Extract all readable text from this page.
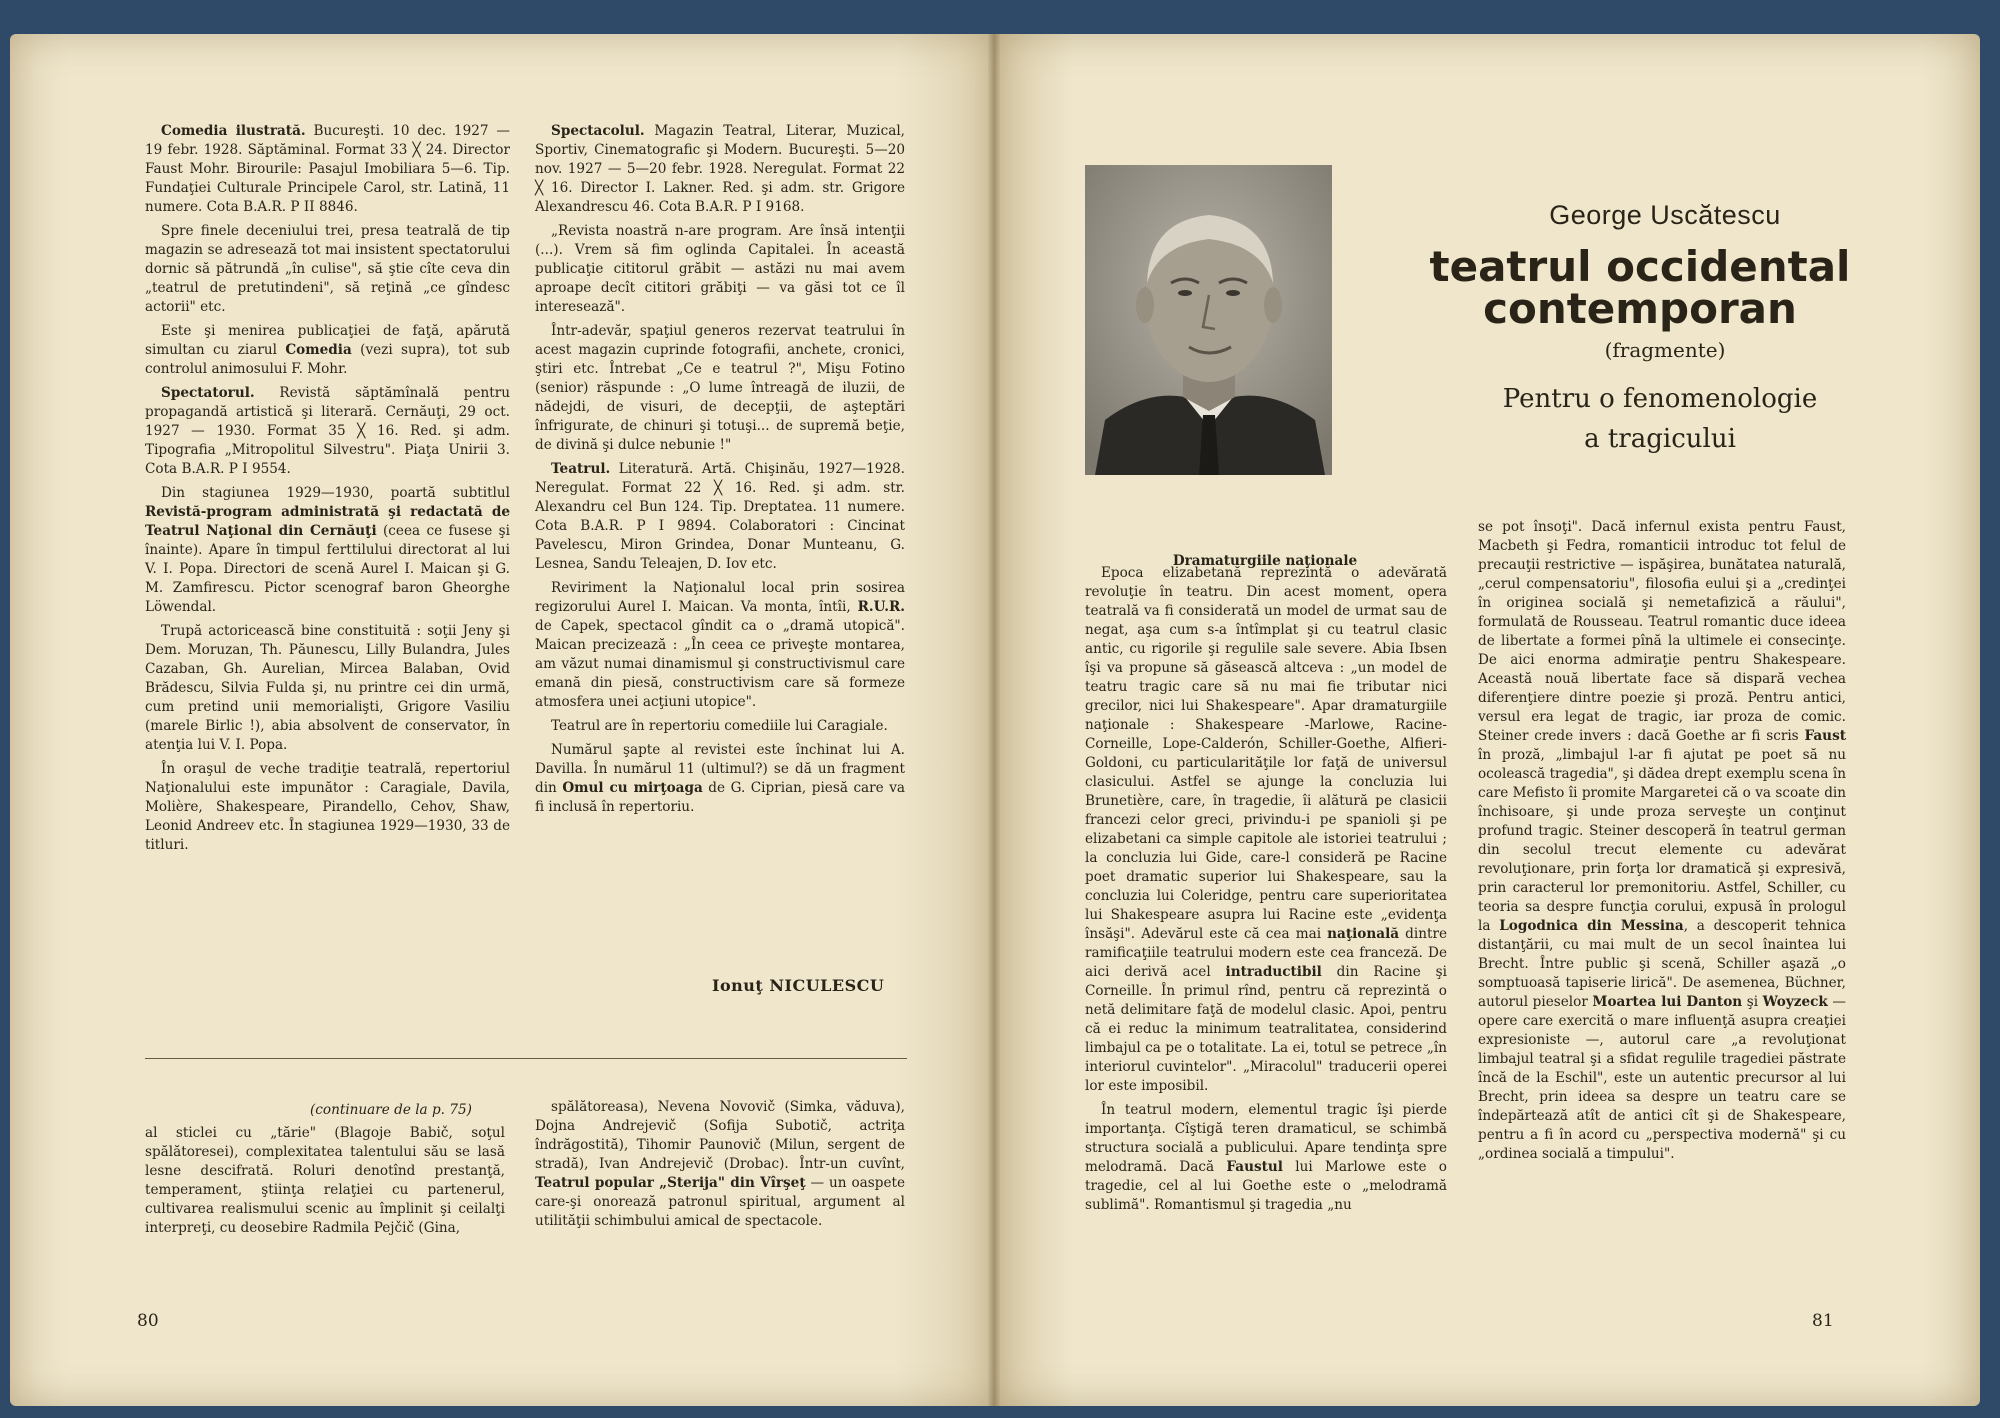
Comedia ilustrată. Bucureşti. 10 dec. 1927 — 19 febr. 1928. Săptăminal. Format 33 ╳ 24. Director Faust Mohr. Birourile: Pasajul Imobiliara 5—6. Tip. Fundaţiei Culturale Principele Carol, str. Latină, 11 numere. Cota B.A.R. P II 8846.

Spre finele deceniului trei, presa teatrală de tip magazin se adresează tot mai insistent spectatorului dornic să pătrundă „în culise", să ştie cîte ceva din „teatrul de pretutindeni", să reţină „ce gîndesc actorii" etc.

Este şi menirea publicaţiei de faţă, apărută simultan cu ziarul Comedia (vezi supra), tot sub controlul animosului F. Mohr.

Spectatorul. Revistă săptămînală pentru propagandă artistică şi literară. Cernăuţi, 29 oct. 1927 — 1930. Format 35 ╳ 16. Red. şi adm. Tipografia „Mitropolitul Silvestru". Piaţa Unirii 3. Cota B.A.R. P I 9554.

Din stagiunea 1929—1930, poartă subtitlul Revistă-program administrată şi redactată de Teatrul Naţional din Cernăuţi (ceea ce fusese şi înainte). Apare în timpul ferttilului directorat al lui V. I. Popa. Directori de scenă Aurel I. Maican şi G. M. Zamfirescu. Pictor scenograf baron Gheorghe Löwendal.

Trupă actoricească bine constituită : soţii Jeny şi Dem. Moruzan, Th. Păunescu, Lilly Bulandra, Jules Cazaban, Gh. Aurelian, Mircea Balaban, Ovid Brădescu, Silvia Fulda şi, nu printre cei din urmă, cum pretind unii memorialişti, Grigore Vasiliu (marele Birlic !), abia absolvent de conservator, în atenţia lui V. I. Popa.

În oraşul de veche tradiţie teatrală, repertoriul Naţionalului este impunător : Caragiale, Davila, Molière, Shakespeare, Pirandello, Cehov, Shaw, Leonid Andreev etc. În stagiunea 1929—1930, 33 de titluri.

Spectacolul. Magazin Teatral, Literar, Muzical, Sportiv, Cinematografic şi Modern. Bucureşti. 5—20 nov. 1927 — 5—20 febr. 1928. Neregulat. Format 22 ╳ 16. Director I. Lakner. Red. şi adm. str. Grigore Alexandrescu 46. Cota B.A.R. P I 9168.

„Revista noastră n-are program. Are însă intenţii (...). Vrem să fim oglinda Capitalei. În această publicaţie cititorul grăbit — astăzi nu mai avem aproape decît cititori grăbiţi — va găsi tot ce îl interesează".

Într-adevăr, spaţiul generos rezervat teatrului în acest magazin cuprinde fotografii, anchete, cronici, ştiri etc. Întrebat „Ce e teatrul ?", Mişu Fotino (senior) răspunde : „O lume întreagă de iluzii, de nădejdi, de visuri, de decepţii, de aşteptări înfrigurate, de chinuri şi totuşi... de supremă beţie, de divină şi dulce nebunie !"

Teatrul. Literatură. Artă. Chişinău, 1927—1928. Neregulat. Format 22 ╳ 16. Red. şi adm. str. Alexandru cel Bun 124. Tip. Dreptatea. 11 numere. Cota B.A.R. P I 9894. Colaboratori : Cincinat Pavelescu, Miron Grindea, Donar Munteanu, G. Lesnea, Sandu Teleajen, D. Iov etc.

Reviriment la Naţionalul local prin sosirea regizorului Aurel I. Maican. Va monta, întîi, R.U.R. de Capek, spectacol gîndit ca o „dramă utopică". Maican precizează : „În ceea ce priveşte montarea, am văzut numai dinamismul şi constructivismul care emană din piesă, constructivism care să formeze atmosfera unei acţiuni utopice".

Teatrul are în repertoriu comediile lui Caragiale.

Numărul şapte al revistei este închinat lui A. Davilla. În numărul 11 (ultimul?) se dă un fragment din Omul cu mirţoaga de G. Ciprian, piesă care va fi inclusă în repertoriu.

Ionuţ NICULESCU
(continuare de la p. 75)

al sticlei cu „tărie" (Blagoje Babič, soţul spălătoresei), complexitatea talentului său se lasă lesne descifrată. Roluri denotînd prestanţă, temperament, ştiinţa relaţiei cu partenerul, cultivarea realismului scenic au împlinit şi ceilalţi interpreţi, cu deosebire Radmila Pejčič (Gina,

spălătoreasa), Nevena Novovič (Simka, văduva), Dojna Andrejevič (Sofija Subotič, actriţa îndrăgostită), Tihomir Paunovič (Milun, sergent de stradă), Ivan Andrejevič (Drobac). Într-un cuvînt, Teatrul popular „Sterija" din Vîrşeţ — un oaspete care-şi onorează patronul spiritual, argument al utilităţii schimbului amical de spectacole.

80
George Uscătescu
teatrul occidental
contemporan
(fragmente)
Pentru o fenomenologie
a tragicului
Dramaturgiile naţionale

Epoca elizabetană reprezintă o adevărată revoluţie în teatru. Din acest moment, opera teatrală va fi considerată un model de urmat sau de negat, aşa cum s-a întîmplat şi cu teatrul clasic antic, cu rigorile şi regulile sale severe. Abia Ibsen îşi va propune să găsească altceva : „un model de teatru tragic care să nu mai fie tributar nici grecilor, nici lui Shakespeare". Apar dramaturgiile naţionale : Shakespeare -Marlowe, Racine-Corneille, Lope-Calderón, Schiller-Goethe, Alfieri-Goldoni, cu particularităţile lor faţă de universul clasicului. Astfel se ajunge la concluzia lui Brunetière, care, în tragedie, îi alătură pe clasicii francezi celor greci, privindu-i pe spanioli şi pe elizabetani ca simple capitole ale istoriei teatrului ; la concluzia lui Gide, care-l consideră pe Racine poet dramatic superior lui Shakespeare, sau la concluzia lui Coleridge, pentru care superioritatea lui Shakespeare asupra lui Racine este „evidenţa însăşi". Adevărul este că cea mai naţională dintre ramificaţiile teatrului modern este cea franceză. De aici derivă acel intraductibil din Racine şi Corneille. În primul rînd, pentru că reprezintă o netă delimitare faţă de modelul clasic. Apoi, pentru că ei reduc la minimum teatralitatea, considerind limbajul ca pe o totalitate. La ei, totul se petrece „în interiorul cuvintelor". „Miracolul" traducerii operei lor este imposibil.

În teatrul modern, elementul tragic îşi pierde importanţa. Cîştigă teren dramaticul, se schimbă structura socială a publicului. Apare tendinţa spre melodramă. Dacă Faustul lui Marlowe este o tragedie, cel al lui Goethe este o „melodramă sublimă". Romantismul şi tragedia „nu

se pot însoţi". Dacă infernul exista pentru Faust, Macbeth şi Fedra, romanticii introduc tot felul de precauţii restrictive — ispăşirea, bunătatea naturală, „cerul compensatoriu", filosofia eului şi a „credinţei în originea socială şi nemetafizică a răului", formulată de Rousseau. Teatrul romantic duce ideea de libertate a formei pînă la ultimele ei consecinţe. De aici enorma admiraţie pentru Shakespeare. Această nouă libertate face să dispară vechea diferenţiere dintre poezie şi proză. Pentru antici, versul era legat de tragic, iar proza de comic. Steiner crede invers : dacă Goethe ar fi scris Faust în proză, „limbajul l-ar fi ajutat pe poet să nu ocolească tragedia", şi dădea drept exemplu scena în care Mefisto îi promite Margaretei că o va scoate din închisoare, şi unde proza serveşte un conţinut profund tragic. Steiner descoperă în teatrul german din secolul trecut elemente cu adevărat revoluţionare, prin forţa lor dramatică şi expresivă, prin caracterul lor premonitoriu. Astfel, Schiller, cu teoria sa despre funcţia corului, expusă în prologul la Logodnica din Messina, a descoperit tehnica distanţării, cu mai mult de un secol înaintea lui Brecht. Între public şi scenă, Schiller aşază „o somptuoasă tapiserie lirică". De asemenea, Büchner, autorul pieselor Moartea lui Danton şi Woyzeck — opere care exercită o mare influenţă asupra creaţiei expresioniste —, autorul care „a revoluţionat limbajul teatral şi a sfidat regulile tragediei păstrate încă de la Eschil", este un autentic precursor al lui Brecht, prin ideea sa despre un teatru care se îndepărtează atît de antici cît şi de Shakespeare, pentru a fi în acord cu „perspectiva modernă" şi cu „ordinea socială a timpului".

81
